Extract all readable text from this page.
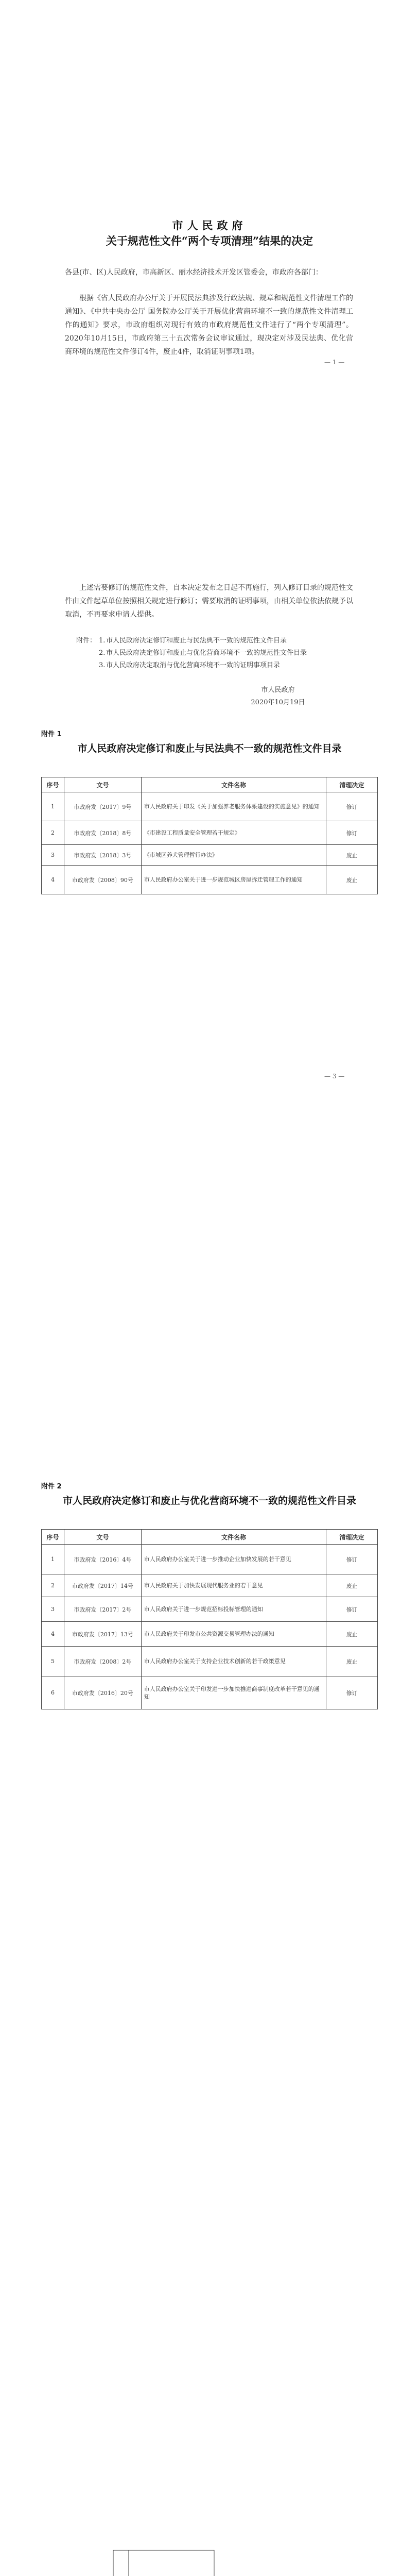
市人民政府
关于规范性文件“两个专项清理”结果的决定

各县(市、区)人民政府，市高新区、丽水经济技术开发区管委会，市政府各部门：

根据《省人民政府办公厅关于开展民法典涉及行政法规、规章和规范性文件清理工作的通知》、《中共中央办公厅 国务院办公厅关于开展优化营商环境不一致的规范性文件清理工作的通知》要求，市政府组织对现行有效的市政府规范性文件进行了“两个专项清理”。2020年10月15日，市政府第三十五次常务会议审议通过，现决定对涉及民法典、优化营商环境的规范性文件修订4件，废止4件，取消证明事项1项。

上述需要修订的规范性文件，自本决定发布之日起不再施行，列入修订目录的规范性文件由文件起草单位按照相关规定进行修订；需要取消的证明事项，由相关单位依法依规予以取消，不再要求申请人提供。

附件： 1. 市人民政府决定修订和废止与民法典不一致的规范性文件目录
2. 市人民政府决定修订和废止与优化营商环境不一致的规范性文件目录
3. 市人民政府决定取消与优化营商环境不一致的证明事项目录
市人民政府
2020年10月19日
— 1 —
附件 1
市人民政府决定修订和废止与民法典不一致的规范性文件目录
序号	文号	文件名称	清理决定
1	市政府发〔2017〕9号	市人民政府关于印发《关于加强养老服务体系建设的实施意见》的通知	修订
2	市政府发〔2018〕8号	《市建设工程质量安全管理若干规定》	修订
3	市政府发〔2018〕3号	《市城区养犬管理暂行办法》	废止
4	市政府发〔2008〕90号	市人民政府办公室关于进一步规范城区房屋拆迁管理工作的通知	废止
— 3 —
附件 2
市人民政府决定修订和废止与优化营商环境不一致的规范性文件目录
序号	文号	文件名称	清理决定
1	市政府发〔2016〕4号	市人民政府办公室关于进一步推动企业加快发展的若干意见	修订
2	市政府发〔2017〕14号	市人民政府关于加快发展现代服务业的若干意见	废止
3	市政府发〔2017〕2号	市人民政府关于进一步规范招标投标管理的通知	修订
4	市政府发〔2017〕13号	市人民政府关于印发市公共资源交易管理办法的通知	废止
5	市政府发〔2008〕2号	市人民政府办公室关于支持企业技术创新的若干政策意见	废止
6	市政府发〔2016〕20号	市人民政府办公室关于印发进一步加快推进商事制度改革若干意见的通知	修订
